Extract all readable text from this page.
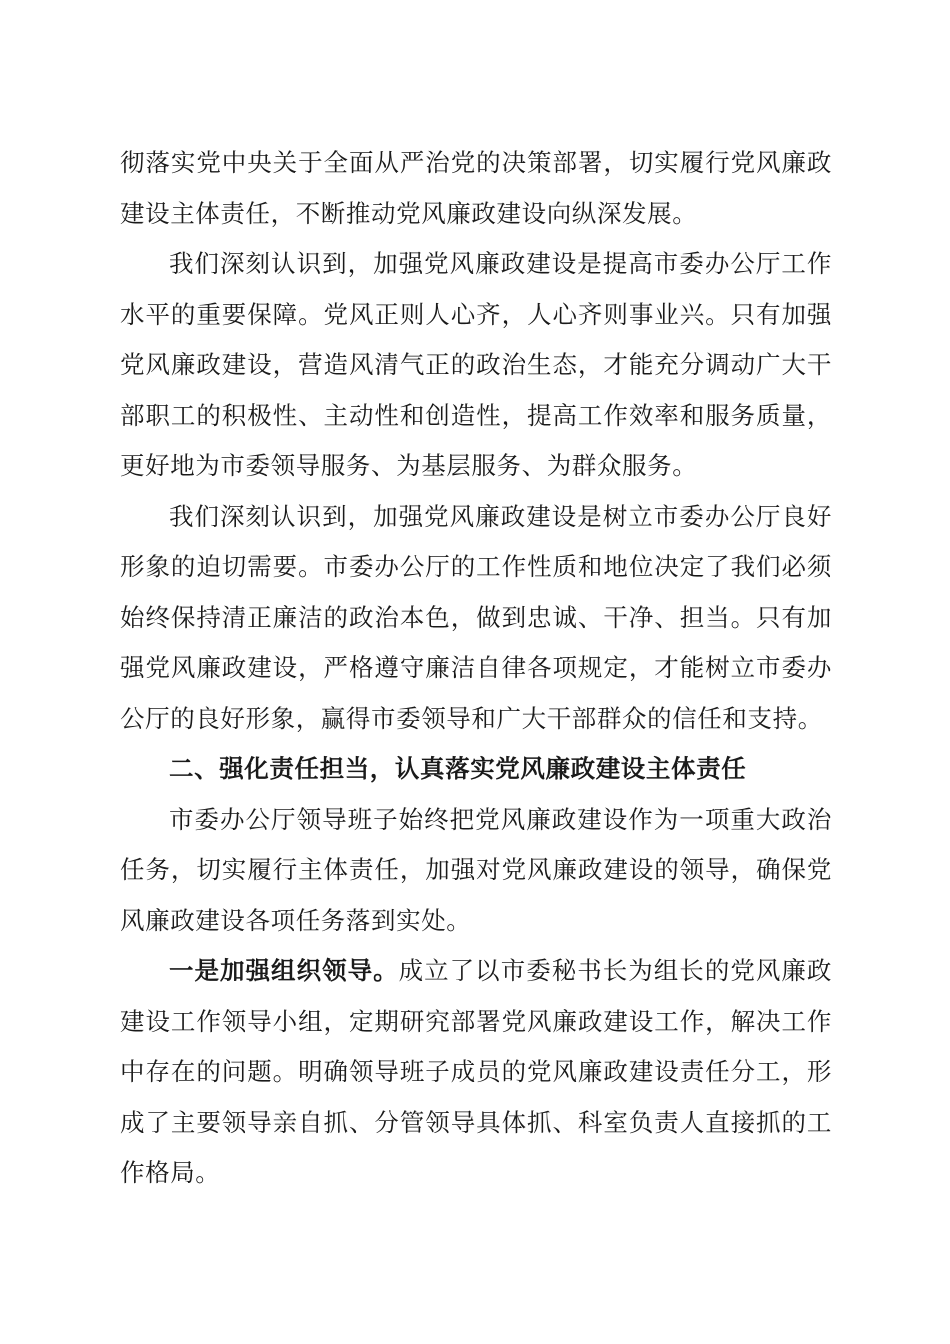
彻落实党中央关于全面从严治党的决策部署，切实履行党风廉政建设主体责任，不断推动党风廉政建设向纵深发展。

我们深刻认识到，加强党风廉政建设是提高市委办公厅工作水平的重要保障。党风正则人心齐，人心齐则事业兴。只有加强党风廉政建设，营造风清气正的政治生态，才能充分调动广大干部职工的积极性、主动性和创造性，提高工作效率和服务质量，更好地为市委领导服务、为基层服务、为群众服务。

我们深刻认识到，加强党风廉政建设是树立市委办公厅良好形象的迫切需要。市委办公厅的工作性质和地位决定了我们必须始终保持清正廉洁的政治本色，做到忠诚、干净、担当。只有加强党风廉政建设，严格遵守廉洁自律各项规定，才能树立市委办公厅的良好形象，赢得市委领导和广大干部群众的信任和支持。

二、强化责任担当，认真落实党风廉政建设主体责任

市委办公厅领导班子始终把党风廉政建设作为一项重大政治任务，切实履行主体责任，加强对党风廉政建设的领导，确保党风廉政建设各项任务落到实处。

一是加强组织领导。成立了以市委秘书长为组长的党风廉政建设工作领导小组，定期研究部署党风廉政建设工作，解决工作中存在的问题。明确领导班子成员的党风廉政建设责任分工，形成了主要领导亲自抓、分管领导具体抓、科室负责人直接抓的工作格局。
